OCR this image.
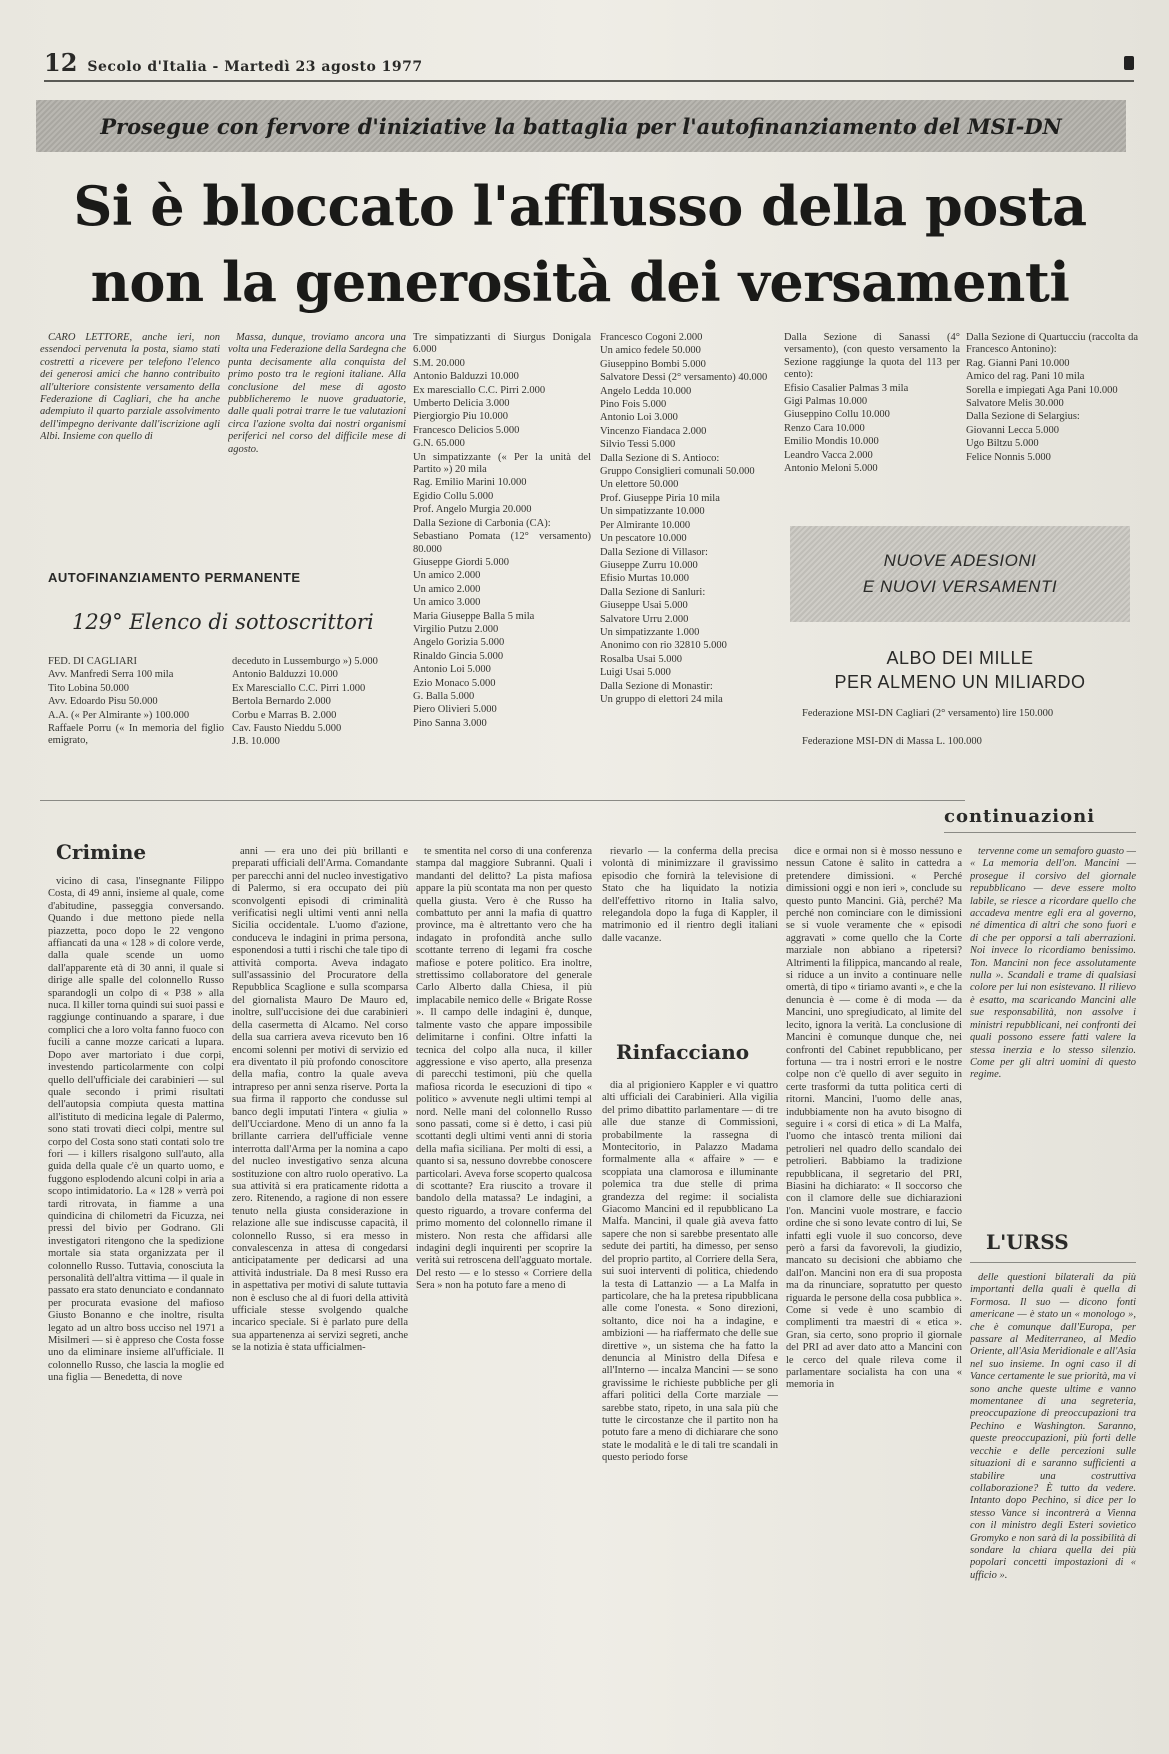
12 Secolo d'Italia - Martedì 23 agosto 1977
Prosegue con fervore d'iniziative la battaglia per l'autofinanziamento del MSI-DN
Si è bloccato l'afflusso della posta
non la generosità dei versamenti

CARO LETTORE, anche ieri, non essendoci pervenuta la posta, siamo stati costretti a ricevere per telefono l'elenco dei generosi amici che hanno contribuito all'ulteriore consistente versamento della Federazione di Cagliari, che ha anche adempiuto il quarto parziale assolvimento dell'impegno derivante dall'iscrizione agli Albi. Insieme con quello di

Massa, dunque, troviamo ancora una volta una Federazione della Sardegna che punta decisamente alla conquista del primo posto tra le regioni italiane. Alla conclusione del mese di agosto pubblicheremo le nuove graduatorie, dalle quali potrai trarre le tue valutazioni circa l'azione svolta dai nostri organismi periferici nel corso del difficile mese di agosto.

AUTOFINANZIAMENTO PERMANENTE
129° Elenco di sottoscrittori

FED. DI CAGLIARI

Avv. Manfredi Serra 100 mila

Tito Lobina 50.000

Avv. Edoardo Pisu 50.000

A.A. (« Per Almirante ») 100.000

Raffaele Porru (« In memoria del figlio emigrato,

deceduto in Lussemburgo ») 5.000

Antonio Balduzzi 10.000

Ex Maresciallo C.C. Pirri 1.000

Bertola Bernardo 2.000

Corbu e Marras B. 2.000

Cav. Fausto Nieddu 5.000

J.B. 10.000

Tre simpatizzanti di Siurgus Donigala 6.000

S.M. 20.000

Antonio Balduzzi 10.000

Ex maresciallo C.C. Pirri 2.000

Umberto Delicia 3.000

Piergiorgio Piu 10.000

Francesco Delicios 5.000

G.N. 65.000

Un simpatizzante (« Per la unità del Partito ») 20 mila

Rag. Emilio Marini 10.000

Egidio Collu 5.000

Prof. Angelo Murgia 20.000

Dalla Sezione di Carbonia (CA):

Sebastiano Pomata (12° versamento) 80.000

Giuseppe Giordi 5.000

Un amico 2.000

Un amico 2.000

Un amico 3.000

Maria Giuseppe Balla 5 mila

Virgilio Putzu 2.000

Angelo Gorizia 5.000

Rinaldo Gincia 5.000

Antonio Loi 5.000

Ezio Monaco 5.000

G. Balla 5.000

Piero Olivieri 5.000

Pino Sanna 3.000

Francesco Cogoni 2.000

Un amico fedele 50.000

Giuseppino Bombi 5.000

Salvatore Dessi (2° versamento) 40.000

Angelo Ledda 10.000

Pino Fois 5.000

Antonio Loi 3.000

Vincenzo Fiandaca 2.000

Silvio Tessi 5.000

Dalla Sezione di S. Antioco:

Gruppo Consiglieri comunali 50.000

Un elettore 50.000

Prof. Giuseppe Piria 10 mila

Un simpatizzante 10.000

Per Almirante 10.000

Un pescatore 10.000

Dalla Sezione di Villasor:

Giuseppe Zurru 10.000

Efisio Murtas 10.000

Dalla Sezione di Sanluri:

Giuseppe Usai 5.000

Salvatore Urru 2.000

Un simpatizzante 1.000

Anonimo con rio 32810 5.000

Rosalba Usai 5.000

Luigi Usai 5.000

Dalla Sezione di Monastir:

Un gruppo di elettori 24 mila

Dalla Sezione di Sanassi (4° versamento), (con questo versamento la Sezione raggiunge la quota del 113 per cento):

Efisio Casalier Palmas 3 mila

Gigi Palmas 10.000

Giuseppino Collu 10.000

Renzo Cara 10.000

Emilio Mondis 10.000

Leandro Vacca 2.000

Antonio Meloni 5.000

Dalla Sezione di Quartucciu (raccolta da Francesco Antonino):

Rag. Gianni Pani 10.000

Amico del rag. Pani 10 mila

Sorella e impiegati Aga Pani 10.000

Salvatore Melis 30.000

Dalla Sezione di Selargius:

Giovanni Lecca 5.000

Ugo Biltzu 5.000

Felice Nonnis 5.000

NUOVE ADESIONI
E NUOVI VERSAMENTI
ALBO DEI MILLE
PER ALMENO UN MILIARDO
Federazione MSI-DN Cagliari (2° versamento) lire 150.000
Federazione MSI-DN di Massa L. 100.000
continuazioni
Crimine

vicino di casa, l'insegnante Filippo Costa, di 49 anni, insieme al quale, come d'abitudine, passeggia conversando. Quando i due mettono piede nella piazzetta, poco dopo le 22 vengono affiancati da una « 128 » di colore verde, dalla quale scende un uomo dall'apparente età di 30 anni, il quale si dirige alle spalle del colonnello Russo sparandogli un colpo di « P38 » alla nuca. Il killer torna quindi sui suoi passi e raggiunge continuando a sparare, i due complici che a loro volta fanno fuoco con fucili a canne mozze caricati a lupara. Dopo aver martoriato i due corpi, investendo particolarmente con colpi quello dell'ufficiale dei carabinieri — sul quale secondo i primi risultati dell'autopsia compiuta questa mattina all'istituto di medicina legale di Palermo, sono stati trovati dieci colpi, mentre sul corpo del Costa sono stati contati solo tre fori — i killers risalgono sull'auto, alla guida della quale c'è un quarto uomo, e fuggono esplodendo alcuni colpi in aria a scopo intimidatorio. La « 128 » verrà poi tardi ritrovata, in fiamme a una quindicina di chilometri da Ficuzza, nei pressi del bivio per Godrano. Gli investigatori ritengono che la spedizione mortale sia stata organizzata per il colonnello Russo. Tuttavia, conosciuta la personalità dell'altra vittima — il quale in passato era stato denunciato e condannato per procurata evasione del mafioso Giusto Bonanno e che inoltre, risulta legato ad un altro boss ucciso nel 1971 a Misilmeri — si è appreso che Costa fosse uno da eliminare insieme all'ufficiale. Il colonnello Russo, che lascia la moglie ed una figlia — Benedetta, di nove

anni — era uno dei più brillanti e preparati ufficiali dell'Arma. Comandante per parecchi anni del nucleo investigativo di Palermo, si era occupato dei più sconvolgenti episodi di criminalità verificatisi negli ultimi venti anni nella Sicilia occidentale. L'uomo d'azione, conduceva le indagini in prima persona, esponendosi a tutti i rischi che tale tipo di attività comporta. Aveva indagato sull'assassinio del Procuratore della Repubblica Scaglione e sulla scomparsa del giornalista Mauro De Mauro ed, inoltre, sull'uccisione dei due carabinieri della casermetta di Alcamo. Nel corso della sua carriera aveva ricevuto ben 16 encomi solenni per motivi di servizio ed era diventato il più profondo conoscitore della mafia, contro la quale aveva intrapreso per anni senza riserve. Porta la sua firma il rapporto che condusse sul banco degli imputati l'intera « giulia » dell'Ucciardone. Meno di un anno fa la brillante carriera dell'ufficiale venne interrotta dall'Arma per la nomina a capo del nucleo investigativo senza alcuna sostituzione con altro ruolo operativo. La sua attività si era praticamente ridotta a zero. Ritenendo, a ragione di non essere tenuto nella giusta considerazione in relazione alle sue indiscusse capacità, il colonnello Russo, si era messo in convalescenza in attesa di congedarsi anticipatamente per dedicarsi ad una attività industriale. Da 8 mesi Russo era in aspettativa per motivi di salute tuttavia non è escluso che al di fuori della attività ufficiale stesse svolgendo qualche incarico speciale. Si è parlato pure della sua appartenenza ai servizi segreti, anche se la notizia è stata ufficialmen-

te smentita nel corso di una conferenza stampa dal maggiore Subranni. Quali i mandanti del delitto? La pista mafiosa appare la più scontata ma non per questo quella giusta. Vero è che Russo ha combattuto per anni la mafia di quattro province, ma è altrettanto vero che ha indagato in profondità anche sullo scottante terreno di legami fra cosche mafiose e potere politico. Era inoltre, strettissimo collaboratore del generale Carlo Alberto dalla Chiesa, il più implacabile nemico delle « Brigate Rosse ». Il campo delle indagini è, dunque, talmente vasto che appare impossibile delimitarne i confini. Oltre infatti la tecnica del colpo alla nuca, il killer aggressione e viso aperto, alla presenza di parecchi testimoni, più che quella mafiosa ricorda le esecuzioni di tipo « politico » avvenute negli ultimi tempi al nord. Nelle mani del colonnello Russo sono passati, come si è detto, i casi più scottanti degli ultimi venti anni di storia della mafia siciliana. Per molti di essi, a quanto si sa, nessuno dovrebbe conoscere particolari. Aveva forse scoperto qualcosa di scottante? Era riuscito a trovare il bandolo della matassa? Le indagini, a questo riguardo, a trovare conferma del primo momento del colonnello rimane il mistero. Non resta che affidarsi alle indagini degli inquirenti per scoprire la verità sui retroscena dell'agguato mortale. Del resto — e lo stesso « Corriere della Sera » non ha potuto fare a meno di

rievarlo — la conferma della precisa volontà di minimizzare il gravissimo episodio che fornirà la televisione di Stato che ha liquidato la notizia dell'effettivo ritorno in Italia salvo, relegandola dopo la fuga di Kappler, il matrimonio ed il rientro degli italiani dalle vacanze.

Rinfacciano

dia al prigioniero Kappler e vi quattro alti ufficiali dei Carabinieri. Alla vigilia del primo dibattito parlamentare — di tre alle due stanze di Commissioni, probabilmente la rassegna di Montecitorio, in Palazzo Madama formalmente alla « affaire » — e scoppiata una clamorosa e illuminante polemica tra due stelle di prima grandezza del regime: il socialista Giacomo Mancini ed il repubblicano La Malfa. Mancini, il quale già aveva fatto sapere che non si sarebbe presentato alle sedute dei partiti, ha dimesso, per senso del proprio partito, al Corriere della Sera, sui suoi interventi di politica, chiedendo la testa di Lattanzio — a La Malfa in particolare, che ha la pretesa ripubblicana alle come l'onesta. « Sono direzioni, soltanto, dice noi ha a indagine, e ambizioni — ha riaffermato che delle sue direttive », un sistema che ha fatto la denuncia al Ministro della Difesa e all'Interno — incalza Mancini — se sono gravissime le richieste pubbliche per gli affari politici della Corte marziale — sarebbe stato, ripeto, in una sala più che tutte le circostanze che il partito non ha potuto fare a meno di dichiarare che sono state le modalità e le di tali tre scandali in questo periodo forse

dice e ormai non si è mosso nessuno e nessun Catone è salito in cattedra a pretendere dimissioni. « Perché dimissioni oggi e non ieri », conclude su questo punto Mancini. Già, perché? Ma perché non cominciare con le dimissioni se si vuole veramente che « episodi aggravati » come quello che la Corte marziale non abbiano a ripetersi? Altrimenti la filippica, mancando al reale, si riduce a un invito a continuare nelle omertà, di tipo « tiriamo avanti », e che la denuncia è — come è di moda — da Mancini, uno spregiudicato, al limite del lecito, ignora la verità. La conclusione di Mancini è comunque dunque che, nei confronti del Cabinet repubblicano, per fortuna — tra i nostri errori e le nostre colpe non c'è quello di aver seguito in certe trasformi da tutta politica certi di ritorni. Mancini, l'uomo delle anas, indubbiamente non ha avuto bisogno di seguire i « corsi di etica » di La Malfa, l'uomo che intascò trenta milioni dai petrolieri nel quadro dello scandalo dei petrolieri. Babbiamo la tradizione repubblicana, il segretario del PRI, Biasini ha dichiarato: « Il soccorso che con il clamore delle sue dichiarazioni l'on. Mancini vuole mostrare, e faccio ordine che si sono levate contro di lui, Se infatti egli vuole il suo concorso, deve però a farsi da favorevoli, la giudizio, mancato su decisioni che abbiamo che dall'on. Mancini non era di sua proposta ma da rinunciare, sopratutto per questo riguarda le persone della cosa pubblica ». Come si vede è uno scambio di complimenti tra maestri di « etica ». Gran, sia certo, sono proprio il giornale del PRI ad aver dato atto a Mancini con le cerco del quale rileva come il parlamentare socialista ha con una « memoria in

tervenne come un semaforo guasto — « La memoria dell'on. Mancini — prosegue il corsivo del giornale repubblicano — deve essere molto labile, se riesce a ricordare quello che accadeva mentre egli era al governo, né dimentica di altri che sono fuori e di che per opporsi a tali aberrazioni. Noi invece lo ricordiamo benissimo. Ton. Mancini non fece assolutamente nulla ». Scandali e trame di qualsiasi colore per lui non esistevano. Il rilievo è esatto, ma scaricando Mancini alle sue responsabilità, non assolve i ministri repubblicani, nei confronti dei quali possono essere fatti valere la stessa inerzia e lo stesso silenzio. Come per gli altri uomini di questo regime.

L'URSS

delle questioni bilaterali da più importanti della quali è quella di Formosa. Il suo — dicono fonti americane — è stato un « monologo », che è comunque dall'Europa, per passare al Mediterraneo, al Medio Oriente, all'Asia Meridionale e all'Asia nel suo insieme. In ogni caso il di Vance certamente le sue priorità, ma vi sono anche queste ultime e vanno momentanee di una segreteria, preoccupazione di preoccupazioni tra Pechino e Washington. Saranno, queste preoccupazioni, più forti delle vecchie e delle percezioni sulle situazioni di e saranno sufficienti a stabilire una costruttiva collaborazione? È tutto da vedere. Intanto dopo Pechino, si dice per lo stesso Vance si incontrerà a Vienna con il ministro degli Esteri sovietico Gromyko e non sarà di la possibilità di sondare la chiara quella dei più popolari concetti impostazioni di « ufficio ».
